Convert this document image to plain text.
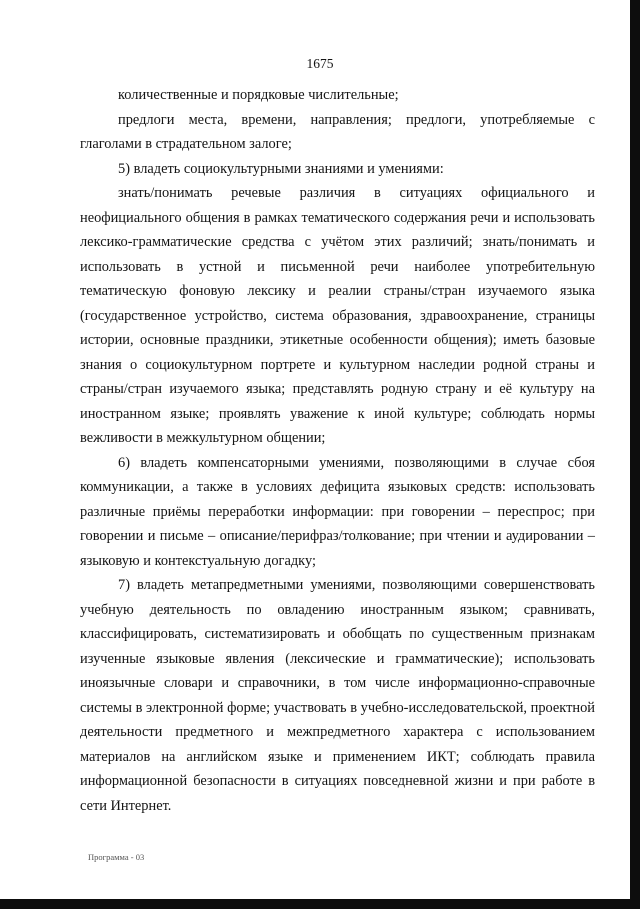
1675

количественные и порядковые числительные;

предлоги места, времени, направления; предлоги, употребляемые с глаголами в страдательном залоге;

5) владеть социокультурными знаниями и умениями:

знать/понимать речевые различия в ситуациях официального и неофициального общения в рамках тематического содержания речи и использовать лексико-грамматические средства с учётом этих различий; знать/понимать и использовать в устной и письменной речи наиболее употребительную тематическую фоновую лексику и реалии страны/стран изучаемого языка (государственное устройство, система образования, здравоохранение, страницы истории, основные праздники, этикетные особенности общения); иметь базовые знания о социокультурном портрете и культурном наследии родной страны и страны/стран изучаемого языка; представлять родную страну и её культуру на иностранном языке; проявлять уважение к иной культуре; соблюдать нормы вежливости в межкультурном общении;

6) владеть компенсаторными умениями, позволяющими в случае сбоя коммуникации, а также в условиях дефицита языковых средств: использовать различные приёмы переработки информации: при говорении – переспрос; при говорении и письме – описание/перифраз/толкование; при чтении и аудировании – языковую и контекстуальную догадку;

7) владеть метапредметными умениями, позволяющими совершенствовать учебную деятельность по овладению иностранным языком; сравнивать, классифицировать, систематизировать и обобщать по существенным признакам изученные языковые явления (лексические и грамматические); использовать иноязычные словари и справочники, в том числе информационно-справочные системы в электронной форме; участвовать в учебно-исследовательской, проектной деятельности предметного и межпредметного характера с использованием материалов на английском языке и применением ИКТ; соблюдать правила информационной безопасности в ситуациях повседневной жизни и при работе в сети Интернет.

Программа - 03
